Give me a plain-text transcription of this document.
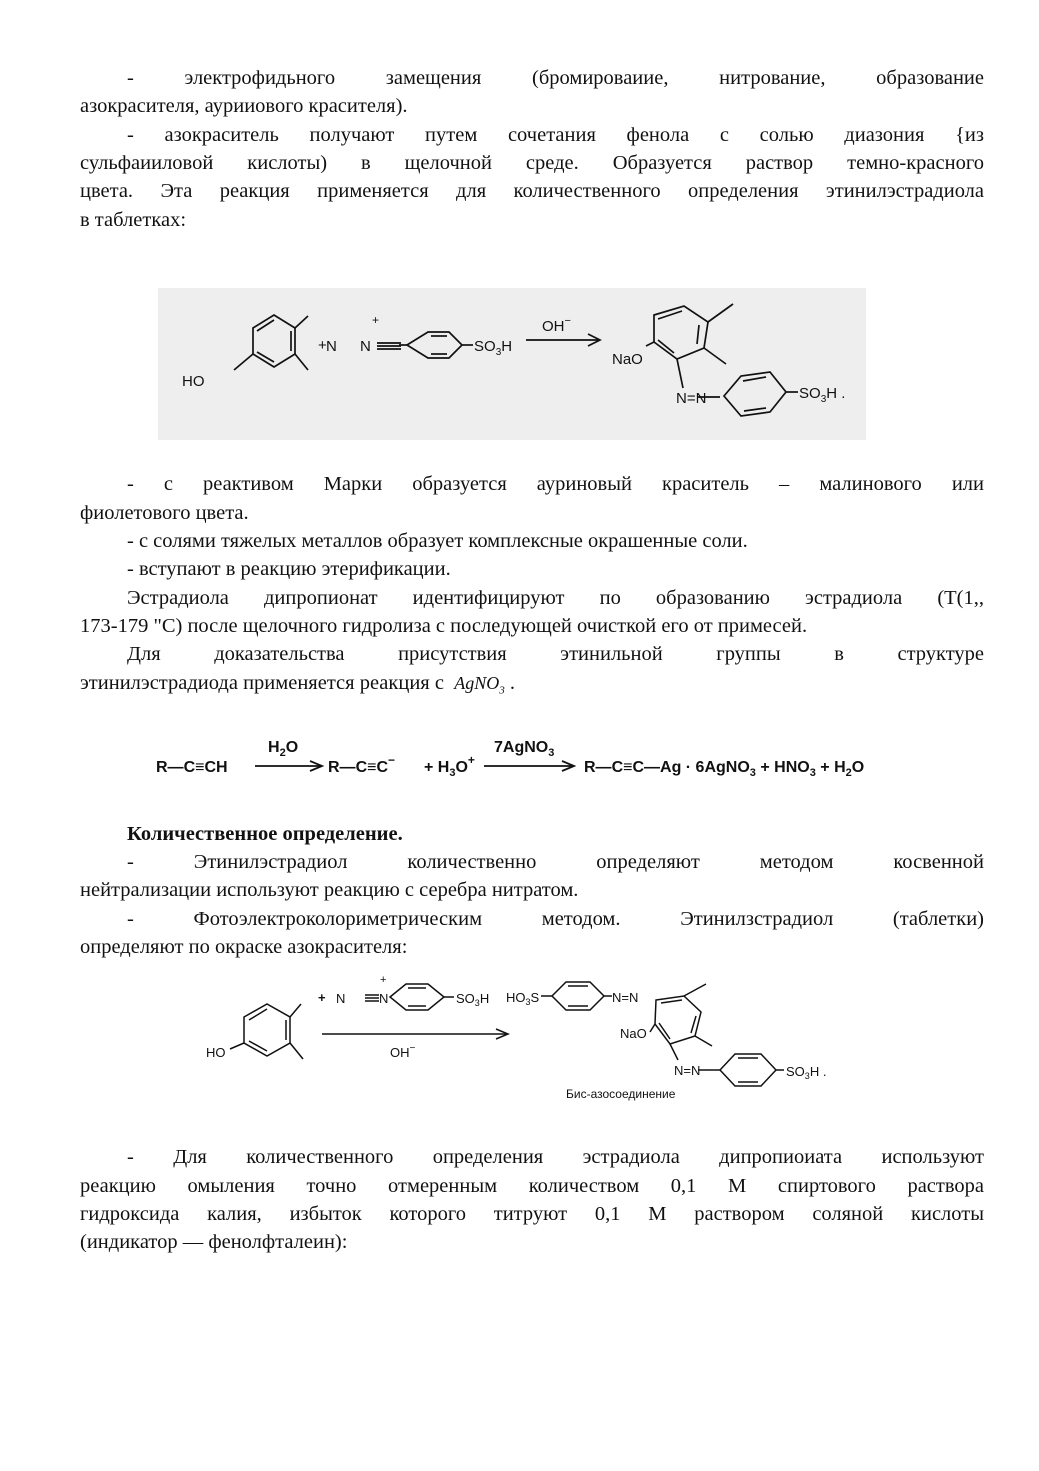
- электрофидьного замещения (бромироваиие, нитрование, образование

азокрасителя, аурииового красителя).

- азокраситель получают путем сочетания фенола с солью диазония {из

сульфаииловой кислоты) в щелочной среде. Образуется раствор темно-красного

цвета. Эта реакция применяется для количественного определения этинилэстрадиола

в таблетках:

HO
+ N N
+
$SO_3H$
OH−
NaO
N=N	$SO_3H$ .

- с реактивом Марки образуется ауриновый краситель – малинового или

фиолетового цвета.

- с солями тяжелых металлов образует комплексные окрашенные соли.

- вступают в реакцию этерификации.

Эстрадиола дипропионат идентифицируют по образованию эстрадиола (Т(1,,

173-179 "С) после щелочного гидролиза с последующей очисткой его от примесей.

Для доказательства присутствия этинильной группы в структуре

этинилэстрадиода применяется реакция с AgNO$_3$ .

R—C≡CH
$H_2O$
R—C≡C− + $H_3O^+$
7AgNO$_3$
R—C≡C—Ag · 6AgNO$_3$ + $HNO_3 + H_2O$

Количественное определение.

- Этинилэстрадиол количественно определяют методом косвенной

нейтрализации используют реакцию с серебра нитратом.

- Фотоэлектроколориметрическим методом. Этинилзстрадиол (таблетки)

определяют по окраске азокрасителя:

HO
+ N	N
+
$SO_3H$
OH−
$HO_3S$	N=N
NaO
N=N	$SO_3H$ .
Бис-азосоединение

- Для количественного определения эстрадиола дипропиоиата используют

реакцию омыления точно отмеренным количеством 0,1 М спиртового раствора

гидроксида калия, избыток которого титруют 0,1 М раствором соляной кислоты

(индикатор — фенолфталеин):
